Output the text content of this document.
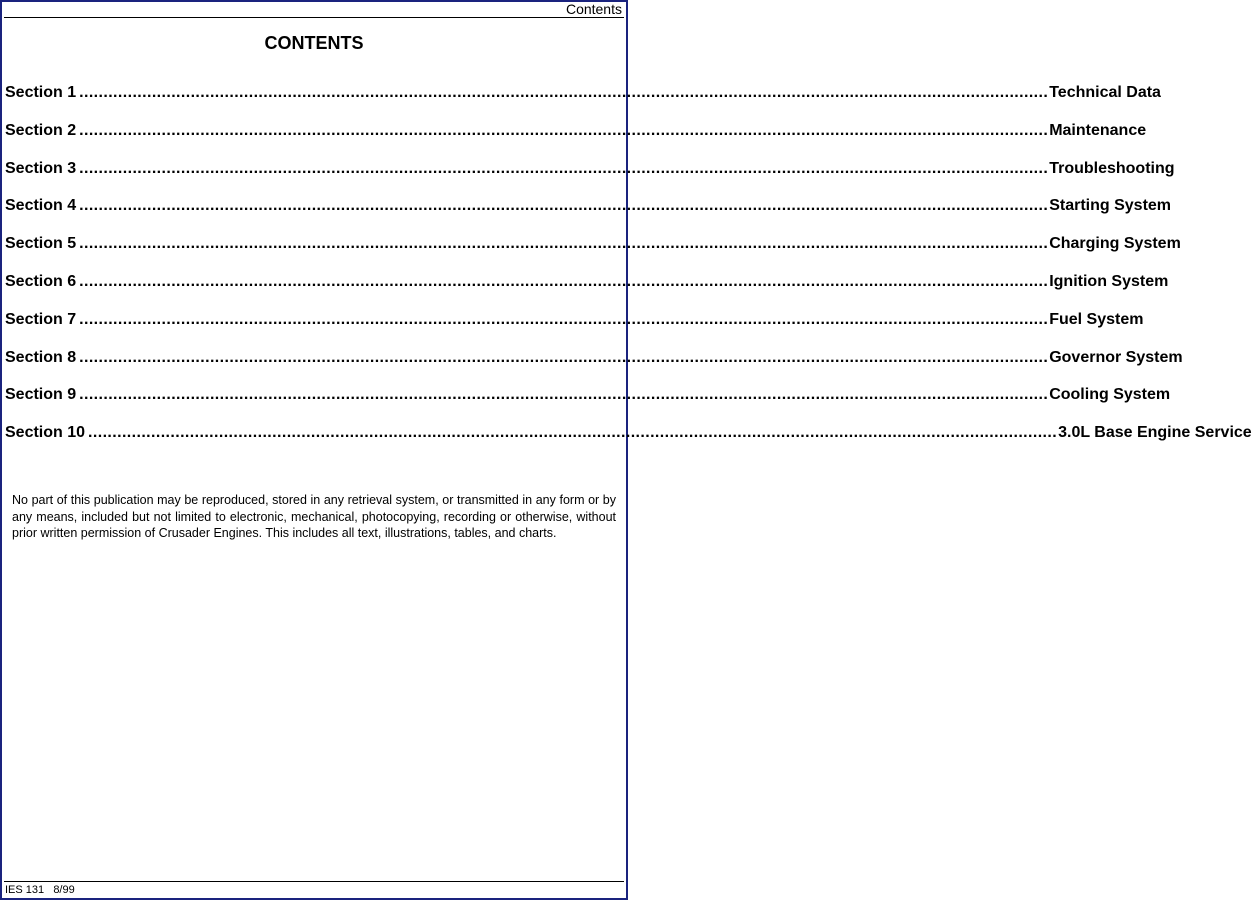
Contents
CONTENTS
Section 1 ........................................................................................................................................................................................................ Technical Data
Section 2 ........................................................................................................................................................................................................ Maintenance
Section 3 ........................................................................................................................................................................................................ Troubleshooting
Section 4 ........................................................................................................................................................................................................ Starting System
Section 5 ........................................................................................................................................................................................................ Charging System
Section 6 ........................................................................................................................................................................................................ Ignition System
Section 7 ........................................................................................................................................................................................................ Fuel System
Section 8 ........................................................................................................................................................................................................ Governor System
Section 9 ........................................................................................................................................................................................................ Cooling System
Section 10 ........................................................................................................................................................................................................ 3.0L Base Engine Service
No part of this publication may be reproduced, stored in any retrieval system, or transmitted in any form or by any means, included but not limited to electronic, mechanical, photocopying, recording or otherwise, without prior written permission of Crusader Engines. This includes all text, illustrations, tables, and charts.
IES 131 8/99
